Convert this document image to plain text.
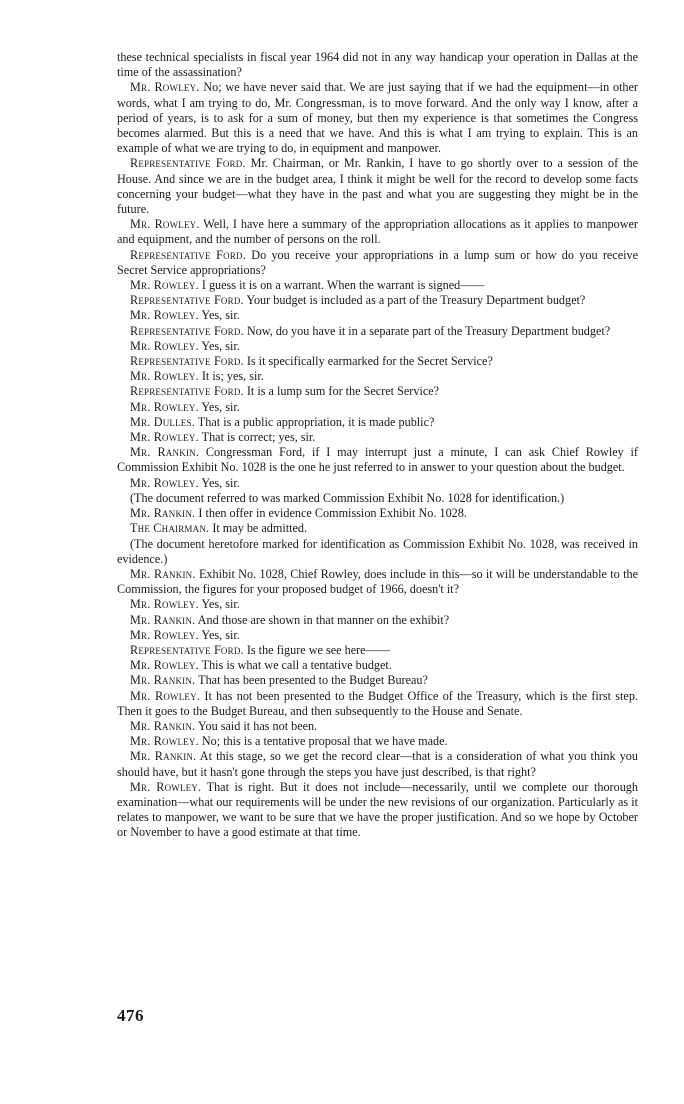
these technical specialists in fiscal year 1964 did not in any way handicap your operation in Dallas at the time of the assassination?

Mr. Rowley. No; we have never said that. We are just saying that if we had the equipment—in other words, what I am trying to do, Mr. Congressman, is to move forward. And the only way I know, after a period of years, is to ask for a sum of money, but then my experience is that sometimes the Congress becomes alarmed. But this is a need that we have. And this is what I am trying to explain. This is an example of what we are trying to do, in equipment and manpower.

Representative Ford. Mr. Chairman, or Mr. Rankin, I have to go shortly over to a session of the House. And since we are in the budget area, I think it might be well for the record to develop some facts concerning your budget—what they have in the past and what you are suggesting they might be in the future.

Mr. Rowley. Well, I have here a summary of the appropriation allocations as it applies to manpower and equipment, and the number of persons on the roll.

Representative Ford. Do you receive your appropriations in a lump sum or how do you receive Secret Service appropriations?

Mr. Rowley. I guess it is on a warrant. When the warrant is signed——

Representative Ford. Your budget is included as a part of the Treasury Department budget?

Mr. Rowley. Yes, sir.

Representative Ford. Now, do you have it in a separate part of the Treasury Department budget?

Mr. Rowley. Yes, sir.

Representative Ford. Is it specifically earmarked for the Secret Service?

Mr. Rowley. It is; yes, sir.

Representative Ford. It is a lump sum for the Secret Service?

Mr. Rowley. Yes, sir.

Mr. Dulles. That is a public appropriation, it is made public?

Mr. Rowley. That is correct; yes, sir.

Mr. Rankin. Congressman Ford, if I may interrupt just a minute, I can ask Chief Rowley if Commission Exhibit No. 1028 is the one he just referred to in answer to your question about the budget.

Mr. Rowley. Yes, sir.

(The document referred to was marked Commission Exhibit No. 1028 for identification.)

Mr. Rankin. I then offer in evidence Commission Exhibit No. 1028.

The Chairman. It may be admitted.

(The document heretofore marked for identification as Commission Exhibit No. 1028, was received in evidence.)

Mr. Rankin. Exhibit No. 1028, Chief Rowley, does include in this—so it will be understandable to the Commission, the figures for your proposed budget of 1966, doesn't it?

Mr. Rowley. Yes, sir.

Mr. Rankin. And those are shown in that manner on the exhibit?

Mr. Rowley. Yes, sir.

Representative Ford. Is the figure we see here——

Mr. Rowley. This is what we call a tentative budget.

Mr. Rankin. That has been presented to the Budget Bureau?

Mr. Rowley. It has not been presented to the Budget Office of the Treasury, which is the first step. Then it goes to the Budget Bureau, and then subsequently to the House and Senate.

Mr. Rankin. You said it has not been.

Mr. Rowley. No; this is a tentative proposal that we have made.

Mr. Rankin. At this stage, so we get the record clear—that is a consideration of what you think you should have, but it hasn't gone through the steps you have just described, is that right?

Mr. Rowley. That is right. But it does not include—necessarily, until we complete our thorough examination—what our requirements will be under the new revisions of our organization. Particularly as it relates to manpower, we want to be sure that we have the proper justification. And so we hope by October or November to have a good estimate at that time.

476
